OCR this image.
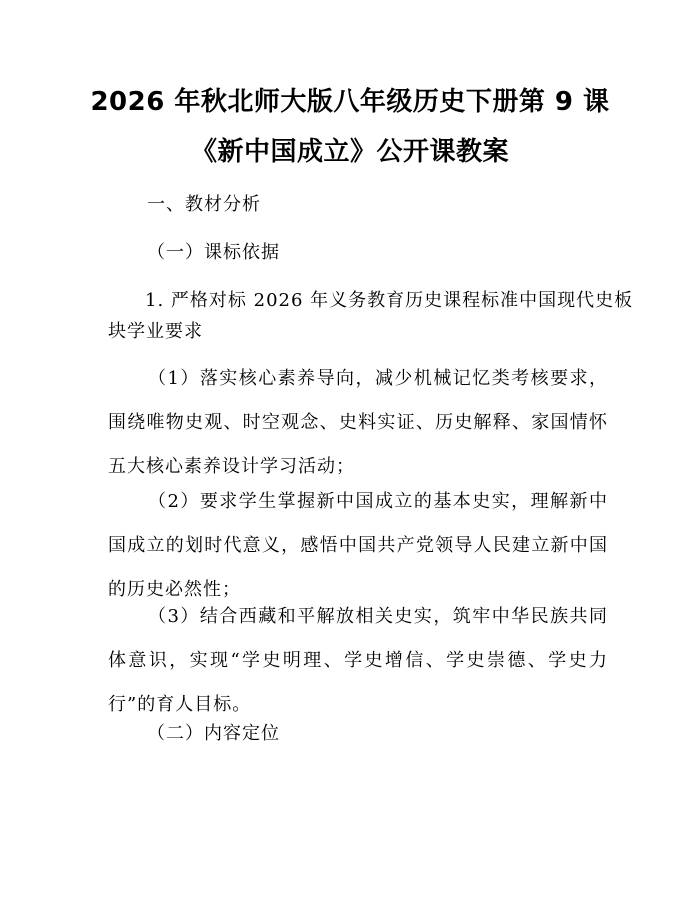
2026 年秋北师大版八年级历史下册第 9 课
《新中国成立》公开课教案
一、教材分析
（一）课标依据
1. 严格对标 2026 年义务教育历史课程标准中国现代史板
块学业要求
（1）落实核心素养导向，减少机械记忆类考核要求，围绕唯物史观、时空观念、史料实证、历史解释、家国情怀五大核心素养设计学习活动；
（2）要求学生掌握新中国成立的基本史实，理解新中国成立的划时代意义，感悟中国共产党领导人民建立新中国的历史必然性；
（3）结合西藏和平解放相关史实，筑牢中华民族共同体意识，实现“学史明理、学史增信、学史崇德、学史力行”的育人目标。
（二）内容定位
